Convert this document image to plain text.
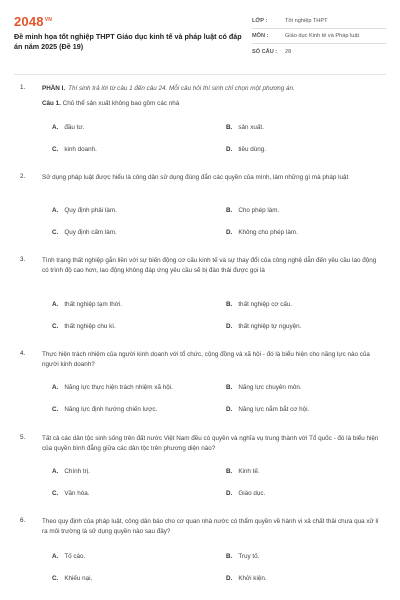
$2048^{VN}$
Đề minh họa tốt nghiệp THPT Giáo dục kinh tế và pháp luật có đáp án năm 2025 (Đề 19)
LỚP :	Tốt nghiệp THPT
MÔN :	Giáo dục Kinh tế và Pháp luật
SỐ CÂU :	28
1.	PHẦN I. Thí sinh trả lời từ câu 1 đến câu 24. Mỗi câu hỏi thí sinh chỉ chọn một phương án.
Câu 1. Chủ thể sản xuất không bao gồm các nhà
A. đầu tư.	B. sản xuất.
C. kinh doanh.	D. tiêu dùng.
2.	Sử dụng pháp luật được hiểu là công dân sử dụng đúng đắn các quyền của mình, làm những gì mà pháp luật
A. Quy định phải làm.	B. Cho phép làm.
C. Quy định cấm làm.	D. Không cho phép làm.
3.	Tình trạng thất nghiệp gắn liền với sự biến động cơ cấu kinh tế và sự thay đổi của công nghệ dẫn đến yêu cầu lao động có trình độ cao hơn, lao động không đáp ứng yêu cầu sẽ bị đào thải được gọi là
A. thất nghiệp tạm thời.	B. thất nghiệp cơ cấu.
C. thất nghiệp chu kì.	D. thất nghiệp tự nguyện.
4.	Thực hiện trách nhiệm của người kinh doanh với tổ chức, cộng đồng và xã hội - đó là biểu hiện cho năng lực nào của người kinh doanh?
A. Năng lực thực hiện trách nhiệm xã hội.	B. Năng lực chuyên môn.
C. Năng lực định hướng chiến lược.	D. Năng lực nắm bắt cơ hội.
5.	Tất cả các dân tộc sinh sống trên đất nước Việt Nam đều có quyền và nghĩa vụ trung thành với Tổ quốc - đó là biểu hiện của quyền bình đẳng giữa các dân tộc trên phương diện nào?
A. Chính trị.	B. Kinh tế.
C. Văn hóa.	D. Giáo dục.
6.	Theo quy định của pháp luật, công dân báo cho cơ quan nhà nước có thẩm quyền về hành vi xả chất thải chưa qua xử lí ra môi trường là sử dụng quyền nào sau đây?
A. Tố cáo.	B. Truy tố.
C. Khiếu nại.	D. Khởi kiện.
